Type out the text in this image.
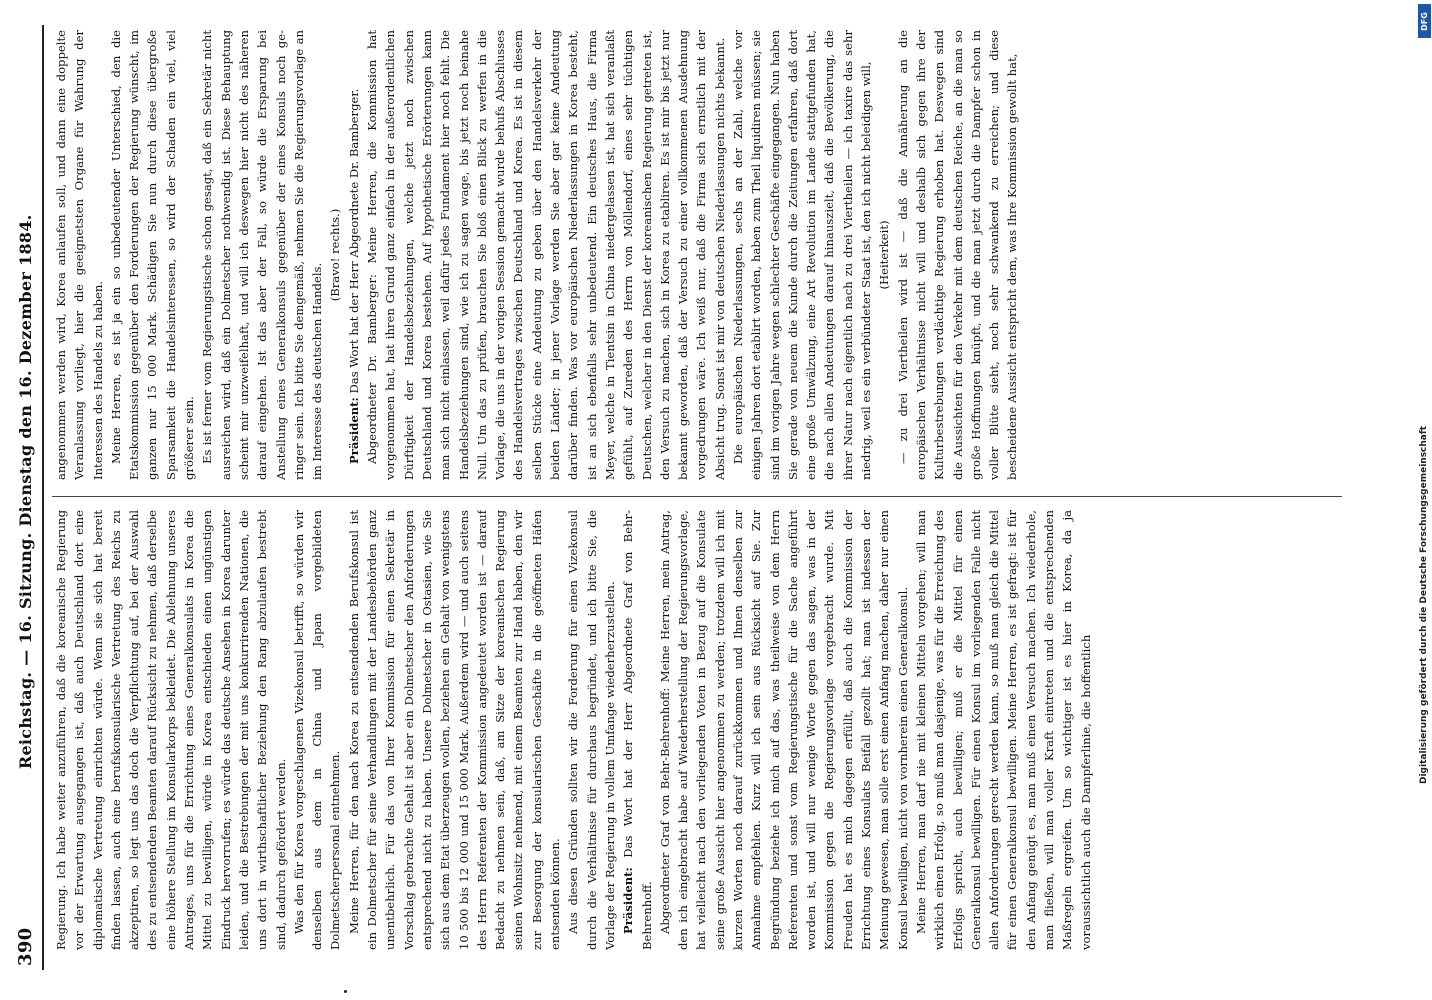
390
Reichstag. — 16. Sitzung. Dienstag den 16. Dezember 1884. Regierung. Ich habe weiter anzuführen, daß die koreanische Regierung vor der Erwartung ausgegangen ist, daß auch Deutschland dort eine diplomatische Vertretung einrichten würde. Wenn sie sich hat bereit finden lassen, auch eine berufskonsularische Vertretung des Reichs zu akzeptiren, so legt uns das doch die Verpflichtung auf, bei der Auswahl des zu entsendenden Beamten darauf Rücksicht zu nehmen, daß derselbe eine höhere Stellung im Konsularkorps bekleidet. Die Ablehnung unseres Antrages, uns für die Errichtung eines Generalkonsulats in Korea die Mittel zu bewilligen, würde in Korea entschieden einen ungünstigen Eindruck hervorrufen; es würde das deutsche Ansehen in Korea darunter leiden, und die Bestrebungen der mit uns konkurrirenden Nationen, die uns dort in wirthschaftlicher Beziehung den Rang abzulaufen bestrebt sind, dadurch gefördert werden. Was den für Korea vorgeschlagenen Vizekonsul betrifft, so würden wir denselben aus dem in China und Japan vorgebildeten Dolmetscherpersonal entnehmen. Meine Herren, für den nach Korea zu entsendenden Berufskonsul ist ein Dolmetscher für seine Verhandlungen mit der Landesbehörden ganz unentbehrlich. Für das von Ihrer Kommission für einen Sekretär in Vorschlag gebrachte Gehalt ist aber ein Dolmetscher den Anforderungen entsprechend nicht zu haben. Unsere Dolmetscher in Ostasien, wie Sie sich aus dem Etat überzeugen wollen, beziehen ein Gehalt von wenigstens 10 500 bis 12 000 und 15 000 Mark. Außerdem wird — und auch seitens des Herrn Referenten der Kommission angedeutet worden ist — darauf Bedacht zu nehmen sein, daß, am Sitze der koreanischen Regierung seinen Wohnsitz nehmend, mit einem Beamten zur Hand haben, den wir zur Besorgung der konsularischen Geschäfte in die geöffneten Häfen entsenden können. Aus diesen Gründen sollten wir die Forderung für einen Vizekonsul durch die Verhältnisse für durchaus begründet, und ich bitte Sie, die Vorlage der Regierung in vollem Umfange wiederherzustellen. Präsident: Das Wort hat der Herr Abgeordnete Graf von Behr-Behrenhoff. Abgeordneter Graf von Behr-Behrenhoff: Meine Herren, mein Antrag, den ich eingebracht habe auf Wiederherstellung der Regierungsvorlage, hat vielleicht nach den vorliegenden Voten in Bezug auf die Konsulate seine große Aussicht hier angenommen zu werden; trotzdem will ich mit kurzen Worten noch darauf zurückkommen und Ihnen denselben zur Annahme empfehlen. Kurz will ich sein aus Rücksicht auf Sie. Zur Begründung beziehe ich mich auf das, was theilweise von dem Herrn Referenten und sonst vom Regierungstische für die Sache angeführt worden ist, und will nur wenige Worte gegen das sagen, was in der Kommission gegen die Regierungsvorlage vorgebracht wurde. Mit Freuden hat es mich dagegen erfüllt, daß auch die Kommission der Errichtung eines Konsulats Beifall gezollt hat; man ist indessen der Meinung gewesen, man solle erst einen Anfang machen, daher nur einen Konsul bewilligen, nicht von vornherein einen Generalkonsul. Meine Herren, man darf nie mit kleinen Mitteln vorgehen; will man wirklich einen Erfolg, so muß man dasjenige, was für die Erreichung des Erfolgs spricht, auch bewilligen; muß er die Mittel für einen Generalkonsul bewilligen. Für einen Konsul im vorliegenden Falle nicht allen Anforderungen gerecht werden kann, so muß man gleich die Mittel für einen Generalkonsul bewilligen. Meine Herren, es ist gefragt: ist für den Anfang genügt es, man muß einen Versuch machen. Ich wiederhole, man fließen, will man voller Kraft eintreten und die entsprechenden Maßregeln ergreifen. Um so wichtiger ist es hier in Korea, da ja voraussichtlich auch die Dampferlinie, die hoffentlich

angenommen werden wird, Korea anlaufen soll, und dann eine doppelte Veranlassung vorliegt, hier die geeignetsten Organe für Wahrung der Interessen des Handels zu haben. Meine Herren, es ist ja ein so unbedeutender Unterschied, den die Etatskommission gegenüber den Forderungen der Regierung wünscht, im ganzen nur 15 000 Mark. Schädigen Sie nun durch diese übergroße Sparsamkeit die Handelsinteressen, so wird der Schaden ein viel, viel größerer sein. Es ist ferner vom Regierungstische schon gesagt, daß ein Sekretär nicht ausreichen wird, daß ein Dolmetscher nothwendig ist. Diese Behauptung scheint mir unzweifelhaft, und will ich deswegen hier nicht des näheren darauf eingehen. Ist das aber der Fall, so würde die Ersparung bei Anstellung eines Generalkonsuls gegenüber der eines Konsuls noch geringer sein. Ich bitte Sie demgemäß, nehmen Sie die Regierungsvorlage an im Interesse des deutschen Handels.

(Bravo! rechts.)

Präsident: Das Wort hat der Herr Abgeordnete Dr. Bamberger. Abgeordneter Dr. Bamberger: Meine Herren, die Kommission hat vorgenommen hat, hat ihren Grund ganz einfach in der außerordentlichen Dürftigkeit der Handelsbeziehungen, welche jetzt noch zwischen Deutschland und Korea bestehen. Auf hypothetische Erörterungen kann man sich nicht einlassen, weil dafür jedes Fundament hier noch fehlt. Die Handelsbeziehungen sind, wie ich zu sagen wage, bis jetzt noch beinahe Null. Um das zu prüfen, brauchen Sie bloß einen Blick zu werfen in die Vorlage, die uns in der vorigen Session gemacht wurde behufs Abschlusses des Handelsvertrages zwischen Deutschland und Korea. Es ist in diesem selben Stücke eine Andeutung zu geben über den Handelsverkehr der beiden Länder; in jener Vorlage werden Sie aber gar keine Andeutung darüber finden. Was vor europäischen Niederlassungen in Korea besteht, ist an sich ebenfalls sehr unbedeutend. Ein deutsches Haus, die Firma Meyer, welche in Tientsin in China niedergelassen ist, hat sich veranlaßt gefühlt, auf Zureden des Herrn von Möllendorf, eines sehr tüchtigen Deutschen, welcher in den Dienst der koreanischen Regierung getreten ist, den Versuch zu machen, sich in Korea zu etabliren. Es ist mir bis jetzt nur bekannt geworden, daß der Versuch zu einer vollkommenen Ausdehnung vorgedrungen wäre. Ich weiß nur, daß die Firma sich ernstlich mit der Absicht trug. Sonst ist mir von deutschen Niederlassungen nichts bekannt. Die europäischen Niederlassungen, sechs an der Zahl, welche vor einigen Jahren dort etablirt worden, haben zum Theil liquidiren müssen; sie sind im vorigen Jahre wegen schlechter Geschäfte eingegangen. Nun haben Sie gerade von neuem die Kunde durch die Zeitungen erfahren, daß dort eine große Umwälzung, eine Art Revolution im Lande stattgefunden hat, die nach allen Andeutungen darauf hinauszielt, daß die Bevölkerung, die ihrer Natur nach eigentlich nach zu drei Viertheilen — ich taxire das sehr niedrig, weil es ein verbündeter Staat ist, den ich nicht beleidigen will, (Heiterkeit) — zu drei Viertheilen wird ist — daß die Annäherung an die europäischen Verhältnisse nicht will und deshalb sich gegen ihre der Kulturbestrebungen verdächtige Regierung erhoben hat. Deswegen sind die Aussichten für den Verkehr mit dem deutschen Reiche, an die man so große Hoffnungen knüpft, und die man jetzt durch die Dampfer schon in voller Blüte sieht, noch sehr schwankend zu erreichen; und diese bescheidene Aussicht entspricht dem, was Ihre Kommission gewollt hat,

Digitalisierung gefördert durch die Deutsche Forschungsgemeinschaft
DFG
